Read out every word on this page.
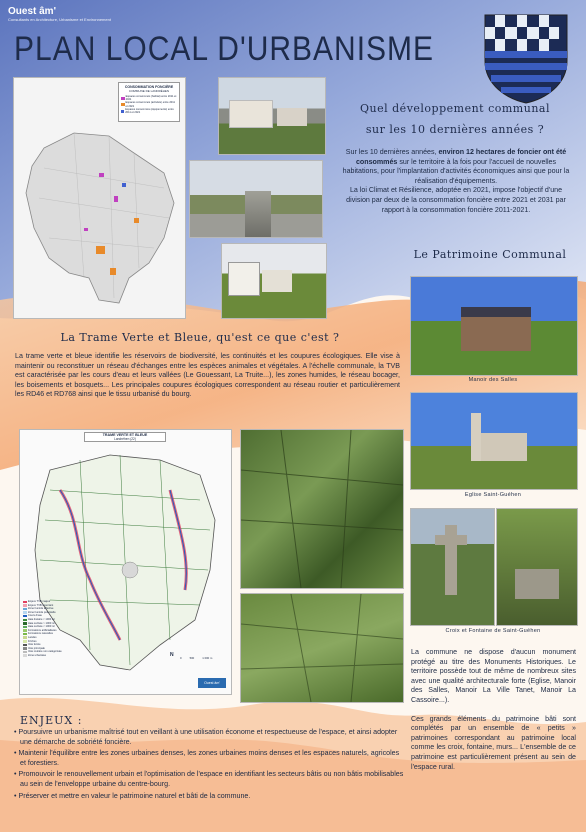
Ouest âm'
Consultants en Architecture, Urbanisme et Environnement
PLAN LOCAL D'URBANISME
CONSOMMATION FONCIÈRE
COMMUNE DE LANDRÉHEN
Espaces consommés (habitat) entre 2011 et 2021
Espaces consommés (activités) entre 2011 et 2021
Espaces consommés (équipements) entre 2011 et 2021	Quel développement communal
sur les 10 dernières années ?
Sur les 10 dernières années, environ 12 hectares de foncier ont été consommés sur le territoire à la fois pour l'accueil de nouvelles habitations, pour l'implantation d'activités économiques ainsi que pour la réalisation d'équipements.
La loi Climat et Résilience, adoptée en 2021, impose l'objectif d'une division par deux de la consommation foncière entre 2021 et 2031 par rapport à la consommation foncière 2011-2021.
Le Patrimoine Communal
Manoir des Salles
Eglise Saint-Guéhen
Croix et Fontaine de Saint-Guéhen
La commune ne dispose d'aucun monument protégé au titre des Monuments Historiques. Le territoire possède tout de même de nombreux sites avec une qualité architecturale forte (Eglise, Manoir des Salles, Manoir La Ville Tanet, Manoir La Cassoire...).
Ces grands éléments du patrimoine bâti sont complétés par un ensemble de « petits » patrimoines correspondant au patrimoine local comme les croix, fontaine, murs... L'ensemble de ce patrimoine est particulièrement présent au sein de l'espace rural.
La Trame Verte et Bleue, qu'est ce que c'est ?
La trame verte et bleue identifie les réservoirs de biodiversité, les continuités et les coupures écologiques. Elle vise à maintenir ou reconstituer un réseau d'échanges entre les espèces animales et végétales. A l'échelle communale, la TVB est caractérisée par les cours d'eau et leurs vallées (Le Gouessant, La Truite...), les zones humides, le réseau bocager, les boisements et bosquets... Les principales coupures écologiques correspondent au réseau routier et particulièrement les RD46 et RD768 ainsi que le tissu urbanisé du bourg.
TRAME VERTE ET BLEUE
Landréhen (22)
Enjeux TVB majeur
Enjeux TVB important
Zone humide effective
Zone humide potentielle
Cours d'eau
Haie linéaire < 1000 m²
Haie surface > 1000 m²
Haie surface < 1000 m²
Formations artificialisées
Formations naturelles
Landes
Friches
Voie ferrée
Voie principale
Voie routière non catégorisée
Zone urbanisée	N 0	500	1 000 m
Ouest âm'
ENJEUX :
• Poursuivre un urbanisme maîtrisé tout en veillant à une utilisation économe et respectueuse de l'espace, et ainsi adopter une démarche de sobriété foncière.
• Maintenir l'équilibre entre les zones urbaines denses, les zones urbaines moins denses et les espaces naturels, agricoles et forestiers.
• Promouvoir le renouvellement urbain et l'optimisation de l'espace en identifiant les secteurs bâtis ou non bâtis mobilisables au sein de l'enveloppe urbaine du centre-bourg.
• Préserver et mettre en valeur le patrimoine naturel et bâti de la commune.
